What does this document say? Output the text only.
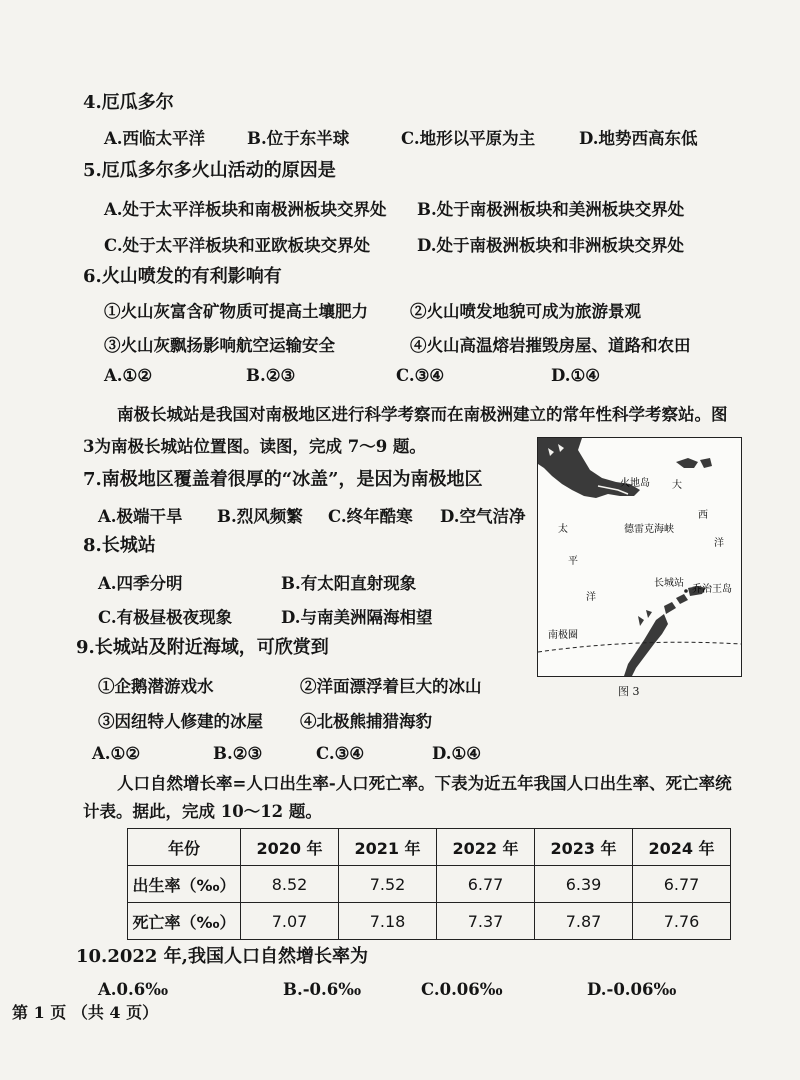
4.厄瓜多尔
A.西临太平洋	B.位于东半球	C.地形以平原为主	D.地势西高东低
5.厄瓜多尔多火山活动的原因是
A.处于太平洋板块和南极洲板块交界处 B.处于南极洲板块和美洲板块交界处
C.处于太平洋板块和亚欧板块交界处	D.处于南极洲板块和非洲板块交界处
6.火山喷发的有利影响有
①火山灰富含矿物质可提高土壤肥力	②火山喷发地貌可成为旅游景观
③火山灰飘扬影响航空运输安全	④火山高温熔岩摧毁房屋、道路和农田
A.①②	B.②③	C.③④	D.①④
南极长城站是我国对南极地区进行科学考察而在南极洲建立的常年性科学考察站。图
3为南极长城站位置图。读图，完成 7～9 题。
7.南极地区覆盖着很厚的“冰盖”，是因为南极地区
A.极端干旱 B.烈风频繁 C.终年酷寒 D.空气洁净
8.长城站
A.四季分明	B.有太阳直射现象
C.有极昼极夜现象	D.与南美洲隔海相望
9.长城站及附近海域，可欣赏到
①企鹅潜游戏水	②洋面漂浮着巨大的冰山
③因纽特人修建的冰屋 ④北极熊捕猎海豹
A.①②	B.②③	C.③④	D.①④
火地岛 大
西
洋
德雷克海峡
太
平
洋
长城站
乔治王岛
南极圈
图 3
人口自然增长率=人口出生率-人口死亡率。下表为近五年我国人口出生率、死亡率统
计表。据此，完成 10～12 题。
年份	2020 年	2021 年	2022 年	2023 年	2024 年
出生率（‰）	8.52	7.52	6.77	6.39	6.77
死亡率（‰）	7.07	7.18	7.37	7.87	7.76
10.2022 年,我国人口自然增长率为
A.0.6‰	B.-0.6‰	C.0.06‰	D.-0.06‰
第 1 页 （共 4 页）
